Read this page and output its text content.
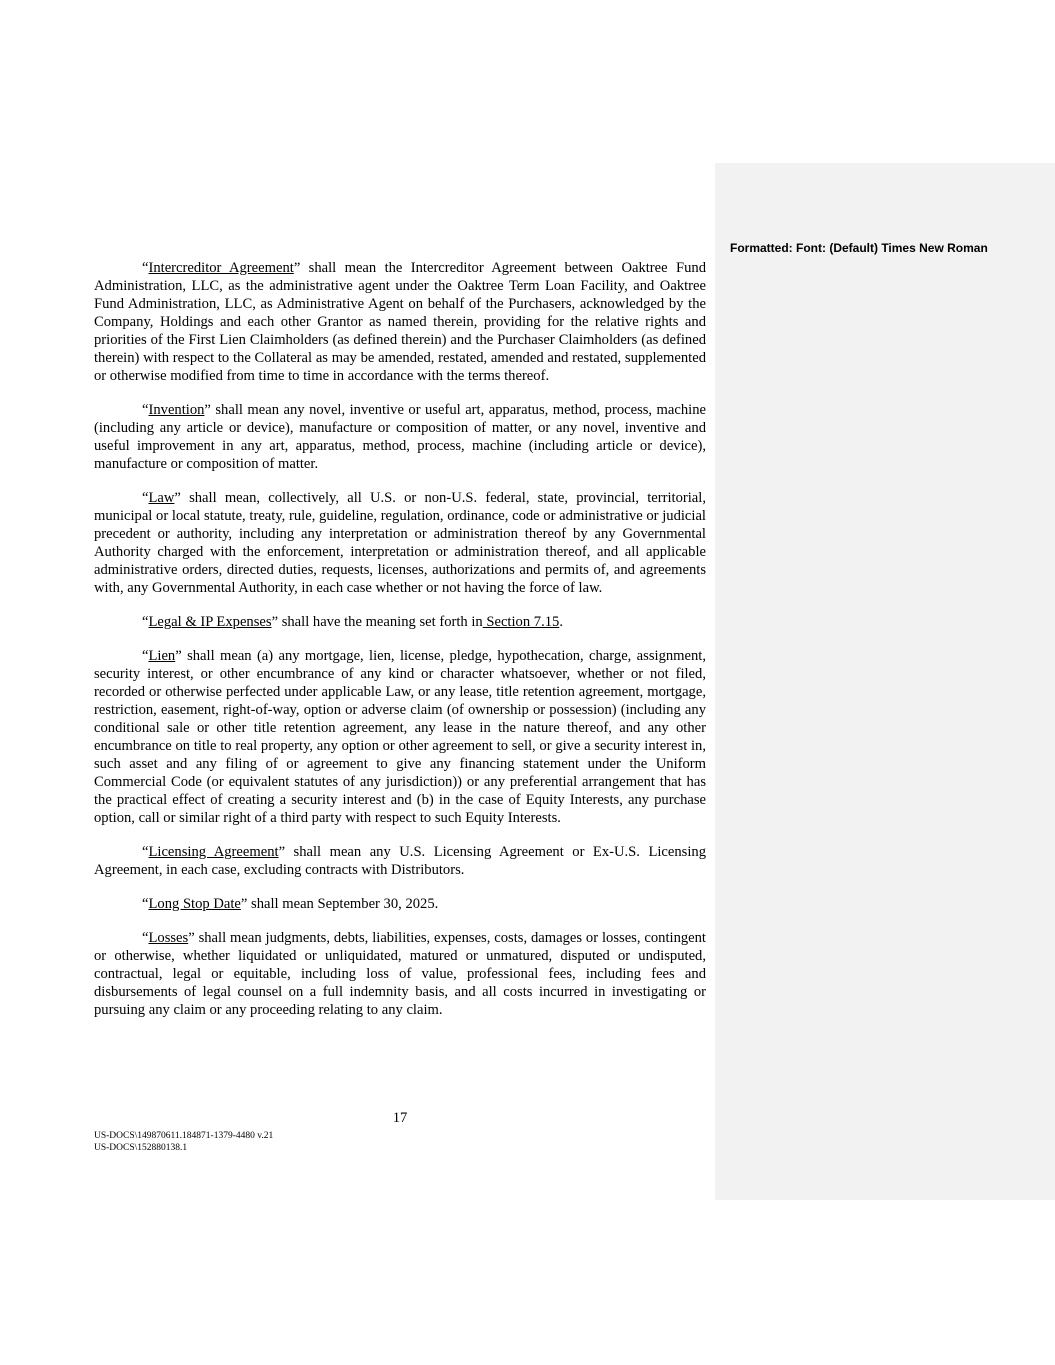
Formatted: Font: (Default) Times New Roman

“Intercreditor Agreement” shall mean the Intercreditor Agreement between Oaktree Fund Administration, LLC, as the administrative agent under the Oaktree Term Loan Facility, and Oaktree Fund Administration, LLC, as Administrative Agent on behalf of the Purchasers, acknowledged by the Company, Holdings and each other Grantor as named therein, providing for the relative rights and priorities of the First Lien Claimholders (as defined therein) and the Purchaser Claimholders (as defined therein) with respect to the Collateral as may be amended, restated, amended and restated, supplemented or otherwise modified from time to time in accordance with the terms thereof.

“Invention” shall mean any novel, inventive or useful art, apparatus, method, process, machine (including any article or device), manufacture or composition of matter, or any novel, inventive and useful improvement in any art, apparatus, method, process, machine (including article or device), manufacture or composition of matter.

“Law” shall mean, collectively, all U.S. or non-U.S. federal, state, provincial, territorial, municipal or local statute, treaty, rule, guideline, regulation, ordinance, code or administrative or judicial precedent or authority, including any interpretation or administration thereof by any Governmental Authority charged with the enforcement, interpretation or administration thereof, and all applicable administrative orders, directed duties, requests, licenses, authorizations and permits of, and agreements with, any Governmental Authority, in each case whether or not having the force of law.

“Legal & IP Expenses” shall have the meaning set forth in Section 7.15.

“Lien” shall mean (a) any mortgage, lien, license, pledge, hypothecation, charge, assignment, security interest, or other encumbrance of any kind or character whatsoever, whether or not filed, recorded or otherwise perfected under applicable Law, or any lease, title retention agreement, mortgage, restriction, easement, right-of-way, option or adverse claim (of ownership or possession) (including any conditional sale or other title retention agreement, any lease in the nature thereof, and any other encumbrance on title to real property, any option or other agreement to sell, or give a security interest in, such asset and any filing of or agreement to give any financing statement under the Uniform Commercial Code (or equivalent statutes of any jurisdiction)) or any preferential arrangement that has the practical effect of creating a security interest and (b) in the case of Equity Interests, any purchase option, call or similar right of a third party with respect to such Equity Interests.

“Licensing Agreement” shall mean any U.S. Licensing Agreement or Ex-U.S. Licensing Agreement, in each case, excluding contracts with Distributors.

“Long Stop Date” shall mean September 30, 2025.

“Losses” shall mean judgments, debts, liabilities, expenses, costs, damages or losses, contingent or otherwise, whether liquidated or unliquidated, matured or unmatured, disputed or undisputed, contractual, legal or equitable, including loss of value, professional fees, including fees and disbursements of legal counsel on a full indemnity basis, and all costs incurred in investigating or pursuing any claim or any proceeding relating to any claim.

17
US-DOCS\149870611.184871-1379-4480 v.21
US-DOCS\152880138.1
